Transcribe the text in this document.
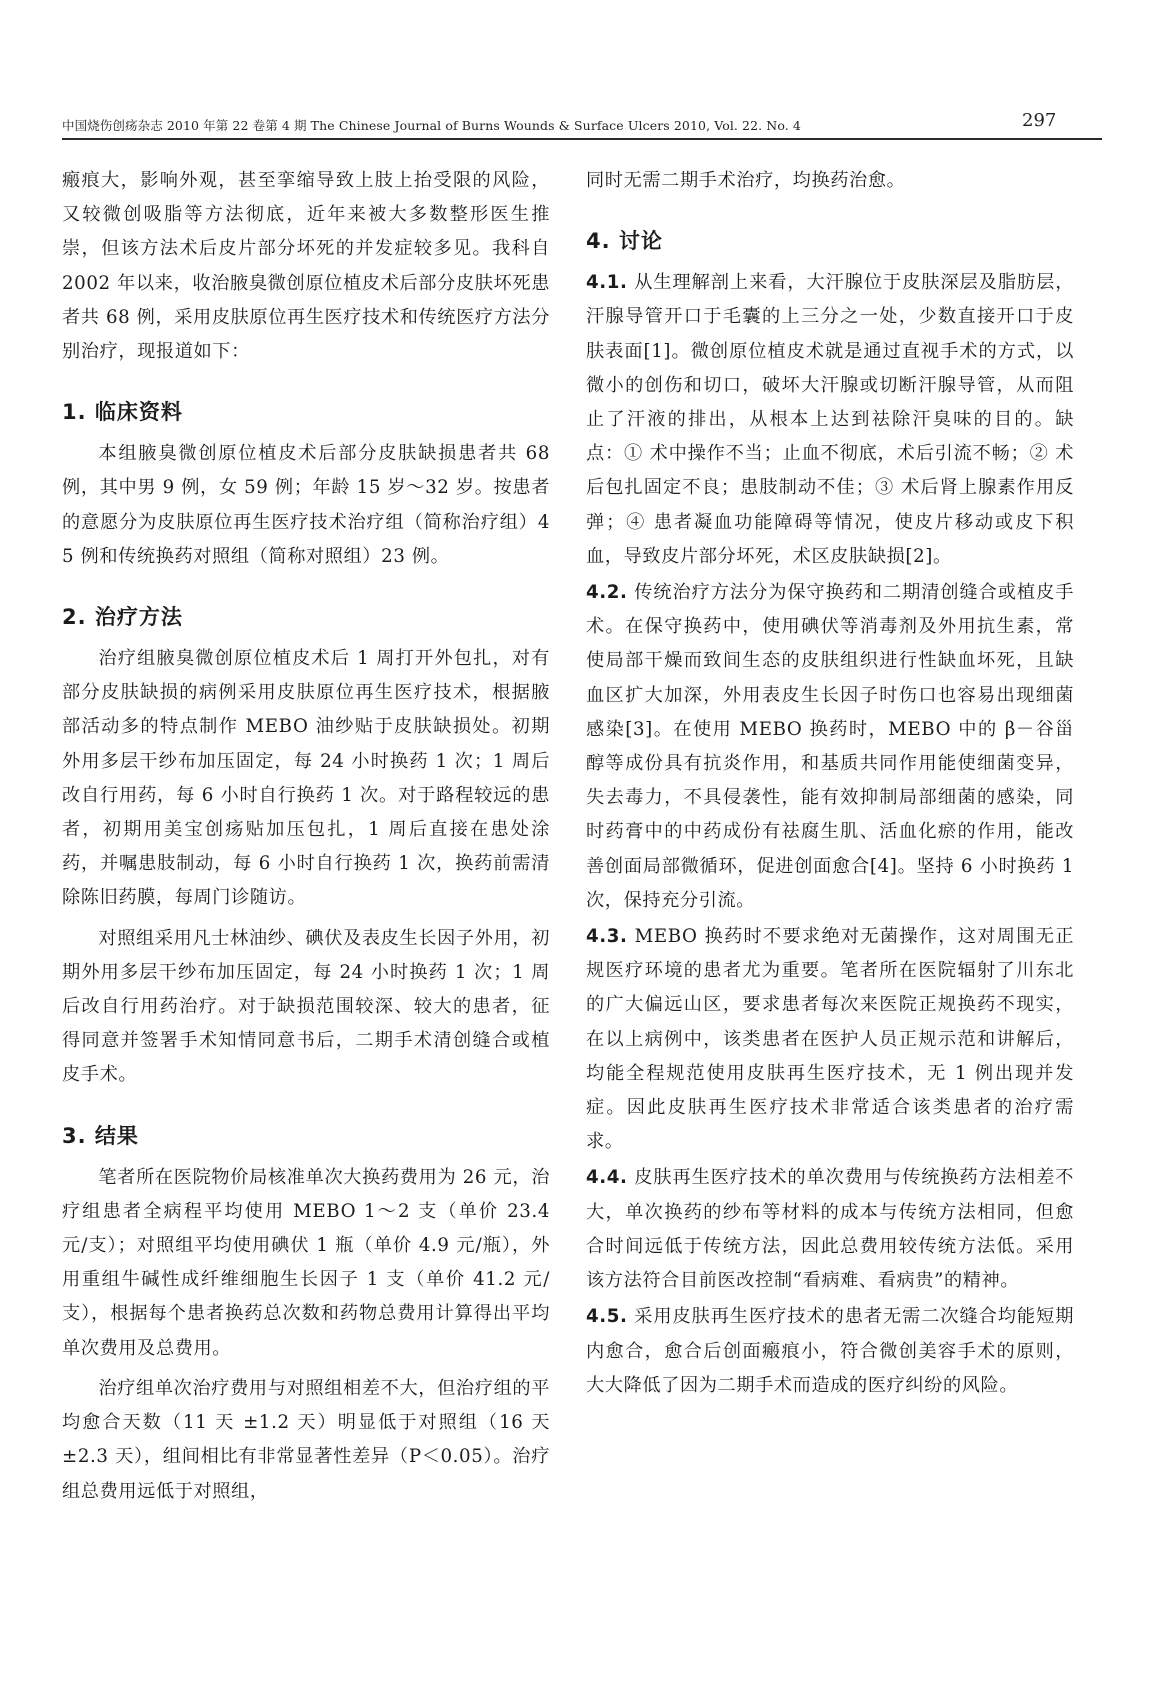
中国烧伤创疡杂志 2010 年第 22 卷第 4 期 The Chinese Journal of Burns Wounds & Surface Ulcers 2010, Vol. 22. No. 4	297

瘢痕大，影响外观，甚至挛缩导致上肢上抬受限的风险，又较微创吸脂等方法彻底，近年来被大多数整形医生推崇，但该方法术后皮片部分坏死的并发症较多见。我科自 2002 年以来，收治腋臭微创原位植皮术后部分皮肤坏死患者共 68 例，采用皮肤原位再生医疗技术和传统医疗方法分别治疗，现报道如下：

1. 临床资料

本组腋臭微创原位植皮术后部分皮肤缺损患者共 68 例，其中男 9 例，女 59 例；年龄 15 岁～32 岁。按患者的意愿分为皮肤原位再生医疗技术治疗组（简称治疗组）45 例和传统换药对照组（简称对照组）23 例。

2. 治疗方法

治疗组腋臭微创原位植皮术后 1 周打开外包扎，对有部分皮肤缺损的病例采用皮肤原位再生医疗技术，根据腋部活动多的特点制作 MEBO 油纱贴于皮肤缺损处。初期外用多层干纱布加压固定，每 24 小时换药 1 次；1 周后改自行用药，每 6 小时自行换药 1 次。对于路程较远的患者，初期用美宝创疡贴加压包扎，1 周后直接在患处涂药，并嘱患肢制动，每 6 小时自行换药 1 次，换药前需清除陈旧药膜，每周门诊随访。

对照组采用凡士林油纱、碘伏及表皮生长因子外用，初期外用多层干纱布加压固定，每 24 小时换药 1 次；1 周后改自行用药治疗。对于缺损范围较深、较大的患者，征得同意并签署手术知情同意书后，二期手术清创缝合或植皮手术。

3. 结果

笔者所在医院物价局核准单次大换药费用为 26 元，治疗组患者全病程平均使用 MEBO 1～2 支（单价 23.4 元/支）；对照组平均使用碘伏 1 瓶（单价 4.9 元/瓶），外用重组牛碱性成纤维细胞生长因子 1 支（单价 41.2 元/支），根据每个患者换药总次数和药物总费用计算得出平均单次费用及总费用。

治疗组单次治疗费用与对照组相差不大，但治疗组的平均愈合天数（11 天 ±1.2 天）明显低于对照组（16 天 ±2.3 天），组间相比有非常显著性差异（P＜0.05）。治疗组总费用远低于对照组，

同时无需二期手术治疗，均换药治愈。

4. 讨论

4.1. 从生理解剖上来看，大汗腺位于皮肤深层及脂肪层，汗腺导管开口于毛囊的上三分之一处，少数直接开口于皮肤表面[1]。微创原位植皮术就是通过直视手术的方式，以微小的创伤和切口，破坏大汗腺或切断汗腺导管，从而阻止了汗液的排出，从根本上达到祛除汗臭味的目的。缺点：① 术中操作不当；止血不彻底，术后引流不畅；② 术后包扎固定不良；患肢制动不佳；③ 术后肾上腺素作用反弹；④ 患者凝血功能障碍等情况，使皮片移动或皮下积血，导致皮片部分坏死，术区皮肤缺损[2]。

4.2. 传统治疗方法分为保守换药和二期清创缝合或植皮手术。在保守换药中，使用碘伏等消毒剂及外用抗生素，常使局部干燥而致间生态的皮肤组织进行性缺血坏死，且缺血区扩大加深，外用表皮生长因子时伤口也容易出现细菌感染[3]。在使用 MEBO 换药时，MEBO 中的 β－谷甾醇等成份具有抗炎作用，和基质共同作用能使细菌变异，失去毒力，不具侵袭性，能有效抑制局部细菌的感染，同时药膏中的中药成份有祛腐生肌、活血化瘀的作用，能改善创面局部微循环，促进创面愈合[4]。坚持 6 小时换药 1 次，保持充分引流。

4.3. MEBO 换药时不要求绝对无菌操作，这对周围无正规医疗环境的患者尤为重要。笔者所在医院辐射了川东北的广大偏远山区，要求患者每次来医院正规换药不现实，在以上病例中，该类患者在医护人员正规示范和讲解后，均能全程规范使用皮肤再生医疗技术，无 1 例出现并发症。因此皮肤再生医疗技术非常适合该类患者的治疗需求。

4.4. 皮肤再生医疗技术的单次费用与传统换药方法相差不大，单次换药的纱布等材料的成本与传统方法相同，但愈合时间远低于传统方法，因此总费用较传统方法低。采用该方法符合目前医改控制“看病难、看病贵”的精神。

4.5. 采用皮肤再生医疗技术的患者无需二次缝合均能短期内愈合，愈合后创面瘢痕小，符合微创美容手术的原则，大大降低了因为二期手术而造成的医疗纠纷的风险。
